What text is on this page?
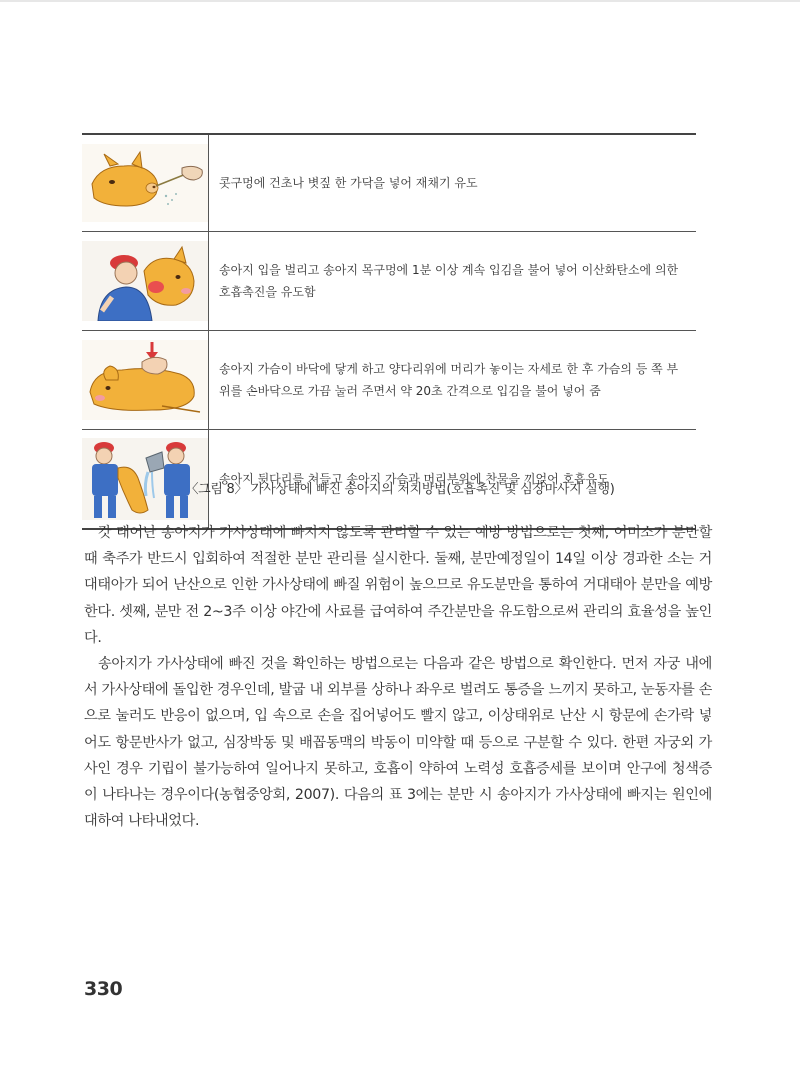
	콧구멍에 건초나 볏짚 한 가닥을 넣어 재채기 유도

	송아지 입을 벌리고 송아지 목구멍에 1분 이상 계속 입김을 불어 넣어 이산화탄소에 의한 호흡촉진을 유도함

	송아지 가슴이 바닥에 닿게 하고 양다리위에 머리가 놓이는 자세로 한 후 가슴의 등 쪽 부위를 손바닥으로 가끔 눌러 주면서 약 20초 간격으로 입김을 불어 넣어 줌

	송아지 뒷다리를 쳐들고 송아지 가슴과 머리부위에 찬물을 끼얹어 호흡유도
〈그림 8〉 가사상태에 빠진 송아지의 처치방법(호흡촉진 및 심장마사지 실행)

갓 태어난 송아지가 가사상태에 빠지지 않도록 관리할 수 있는 예방 방법으로는 첫째, 어미소가 분만할 때 축주가 반드시 입회하여 적절한 분만 관리를 실시한다. 둘째, 분만예정일이 14일 이상 경과한 소는 거대태아가 되어 난산으로 인한 가사상태에 빠질 위험이 높으므로 유도분만을 통하여 거대태아 분만을 예방한다. 셋째, 분만 전 2~3주 이상 야간에 사료를 급여하여 주간분만을 유도함으로써 관리의 효율성을 높인다.

송아지가 가사상태에 빠진 것을 확인하는 방법으로는 다음과 같은 방법으로 확인한다. 먼저 자궁 내에서 가사상태에 돌입한 경우인데, 발굽 내 외부를 상하나 좌우로 벌려도 통증을 느끼지 못하고, 눈동자를 손으로 눌러도 반응이 없으며, 입 속으로 손을 집어넣어도 빨지 않고, 이상태위로 난산 시 항문에 손가락 넣어도 항문반사가 없고, 심장박동 및 배꼽동맥의 박동이 미약할 때 등으로 구분할 수 있다. 한편 자궁외 가사인 경우 기립이 불가능하여 일어나지 못하고, 호흡이 약하여 노력성 호흡증세를 보이며 안구에 청색증이 나타나는 경우이다(농협중앙회, 2007). 다음의 표 3에는 분만 시 송아지가 가사상태에 빠지는 원인에 대하여 나타내었다.

330
